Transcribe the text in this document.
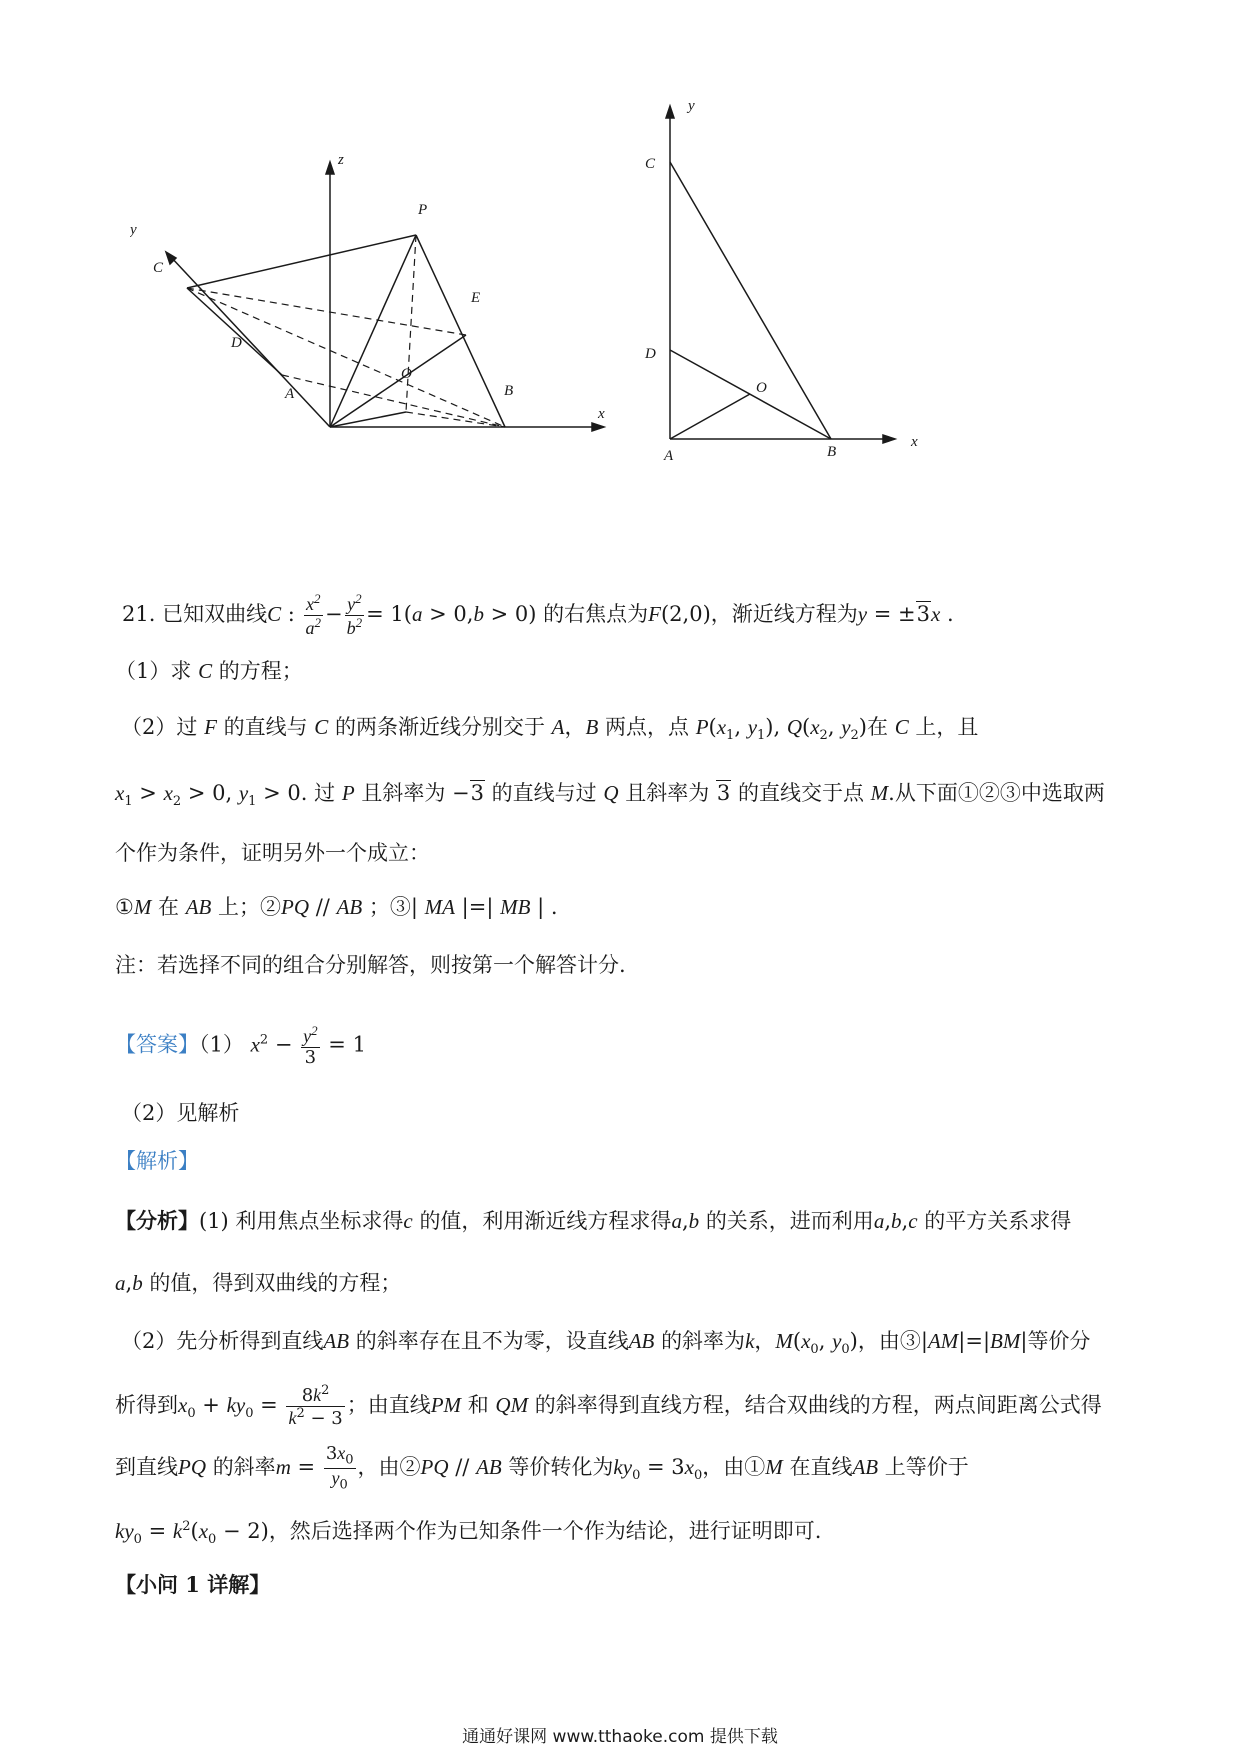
z
y
x
P
C
E
D
O
A	B
y
C
D
O
A	B
x
21. 已知双曲线C : $\frac{x^2}{a^2} - \frac{y^2}{b^2} = 1(a > 0,b > 0)$ 的右焦点为F(2,0)，渐近线方程为y = ±3x .
（1）求 C 的方程；
（2）过 F 的直线与 C 的两条渐近线分别交于 A，B 两点，点 $P(x_1$, $y_1$), $Q(x_2$, $y_2$)在 C 上，且
$x_1 > x_2 > 0$, $y_1 > 0$. 过 P 且斜率为 −3 的直线与过 Q 且斜率为 3 的直线交于点 M.从下面①②③中选取两
个作为条件，证明另外一个成立：
①M 在 AB 上；②PQ // AB ；③| MA |=| MB | .
注：若选择不同的组合分别解答，则按第一个解答计分.
【答案】（1） $x^2 - \frac{y^2}{3} = 1$
（2）见解析
【解析】
【分析】(1) 利用焦点坐标求得c 的值，利用渐近线方程求得a,b 的关系，进而利用a,b,c 的平方关系求得
a,b 的值，得到双曲线的方程；
（2）先分析得到直线AB 的斜率存在且不为零，设直线AB 的斜率为k，$M(x_0$, $y_0$)，由③|AM|=|BM|等价分
析得到$x_0 + ky_0 = \frac{8k^2}{k^2 - 3}$ ；由直线PM 和 QM 的斜率得到直线方程，结合双曲线的方程，两点间距离公式得
到直线PQ 的斜率$m = \frac{3x_0}{y_0}$ ，由②PQ // AB 等价转化为$ky_0 = 3x_0$，由①M 在直线AB 上等价于
$ky_0 = k^2(x_0 - 2)$，然后选择两个作为已知条件一个作为结论，进行证明即可.
【小问 1 详解】
通通好课网 www.tthaoke.com 提供下载
